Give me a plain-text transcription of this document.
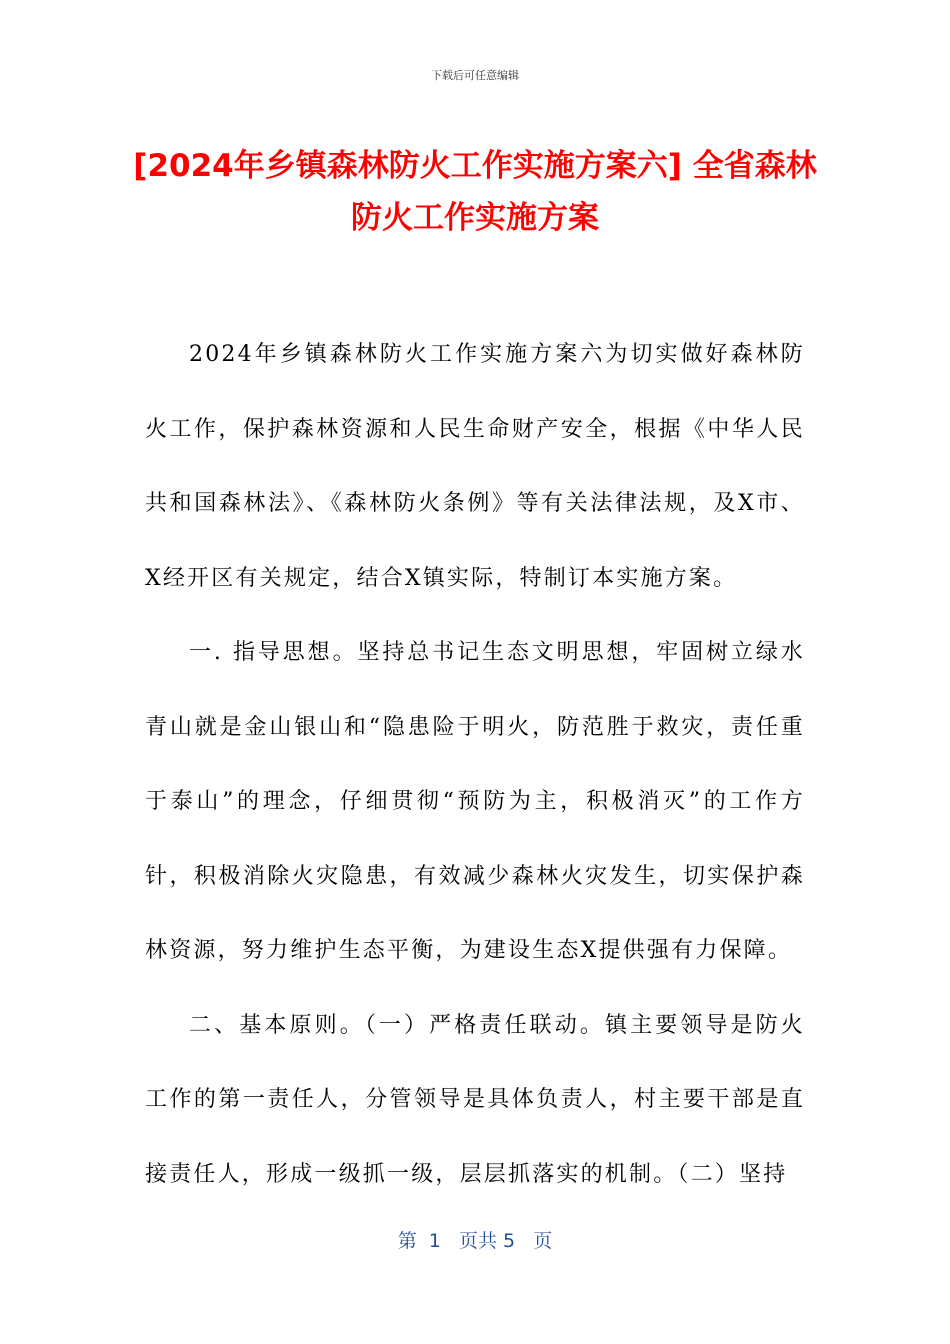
下载后可任意编辑
[2024年乡镇森林防火工作实施方案六] 全省森林防火工作实施方案

2024年乡镇森林防火工作实施方案六为切实做好森林防火工作，保护森林资源和人民生命财产安全，根据《中华人民共和国森林法》、《森林防火条例》等有关法律法规，及X市、X经开区有关规定，结合X镇实际，特制订本实施方案。

一. 指导思想。坚持总书记生态文明思想，牢固树立绿水青山就是金山银山和“隐患险于明火，防范胜于救灾，责任重于泰山”的理念，仔细贯彻“预防为主，积极消灭”的工作方针，积极消除火灾隐患，有效减少森林火灾发生，切实保护森林资源，努力维护生态平衡，为建设生态X提供强有力保障。

二、基本原则。（一）严格责任联动。镇主要领导是防火工作的第一责任人，分管领导是具体负责人，村主要干部是直接责任人，形成一级抓一级，层层抓落实的机制。（二）坚持

第  1   页共 5   页
